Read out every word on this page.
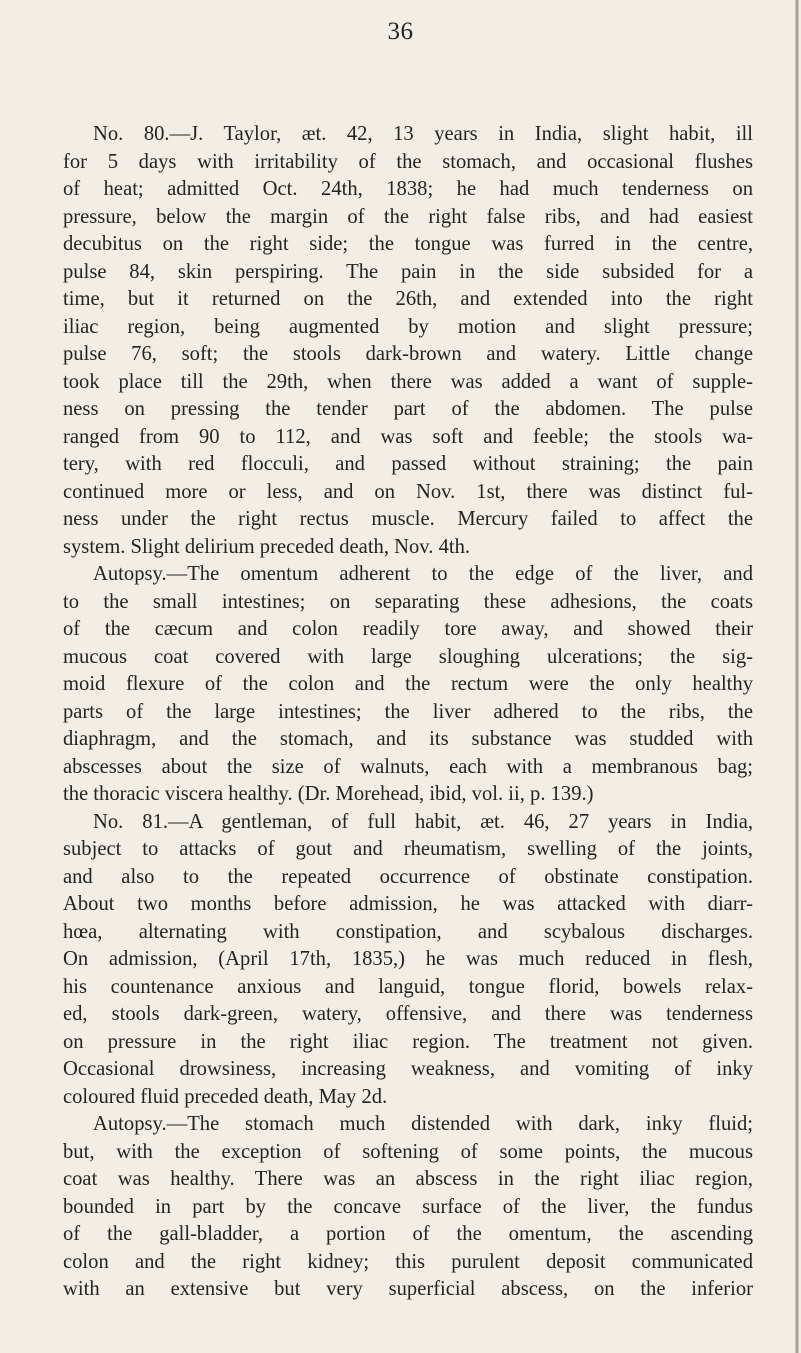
36
No. 80.—J. Taylor, æt. 42, 13 years in India, slight habit, ill
for 5 days with irritability of the stomach, and occasional flushes
of heat; admitted Oct. 24th, 1838; he had much tenderness on
pressure, below the margin of the right false ribs, and had easiest
decubitus on the right side; the tongue was furred in the centre,
pulse 84, skin perspiring. The pain in the side subsided for a
time, but it returned on the 26th, and extended into the right
iliac region, being augmented by motion and slight pressure;
pulse 76, soft; the stools dark-brown and watery. Little change
took place till the 29th, when there was added a want of supple-
ness on pressing the tender part of the abdomen. The pulse
ranged from 90 to 112, and was soft and feeble; the stools wa-
tery, with red flocculi, and passed without straining; the pain
continued more or less, and on Nov. 1st, there was distinct ful-
ness under the right rectus muscle. Mercury failed to affect the
system. Slight delirium preceded death, Nov. 4th.
Autopsy.—The omentum adherent to the edge of the liver, and
to the small intestines; on separating these adhesions, the coats
of the cæcum and colon readily tore away, and showed their
mucous coat covered with large sloughing ulcerations; the sig-
moid flexure of the colon and the rectum were the only healthy
parts of the large intestines; the liver adhered to the ribs, the
diaphragm, and the stomach, and its substance was studded with
abscesses about the size of walnuts, each with a membranous bag;
the thoracic viscera healthy. (Dr. Morehead, ibid, vol. ii, p. 139.)
No. 81.—A gentleman, of full habit, æt. 46, 27 years in India,
subject to attacks of gout and rheumatism, swelling of the joints,
and also to the repeated occurrence of obstinate constipation.
About two months before admission, he was attacked with diarr-
hœa, alternating with constipation, and scybalous discharges.
On admission, (April 17th, 1835,) he was much reduced in flesh,
his countenance anxious and languid, tongue florid, bowels relax-
ed, stools dark-green, watery, offensive, and there was tenderness
on pressure in the right iliac region. The treatment not given.
Occasional drowsiness, increasing weakness, and vomiting of inky
coloured fluid preceded death, May 2d.
Autopsy.—The stomach much distended with dark, inky fluid;
but, with the exception of softening of some points, the mucous
coat was healthy. There was an abscess in the right iliac region,
bounded in part by the concave surface of the liver, the fundus
of the gall-bladder, a portion of the omentum, the ascending
colon and the right kidney; this purulent deposit communicated
with an extensive but very superficial abscess, on the inferior
